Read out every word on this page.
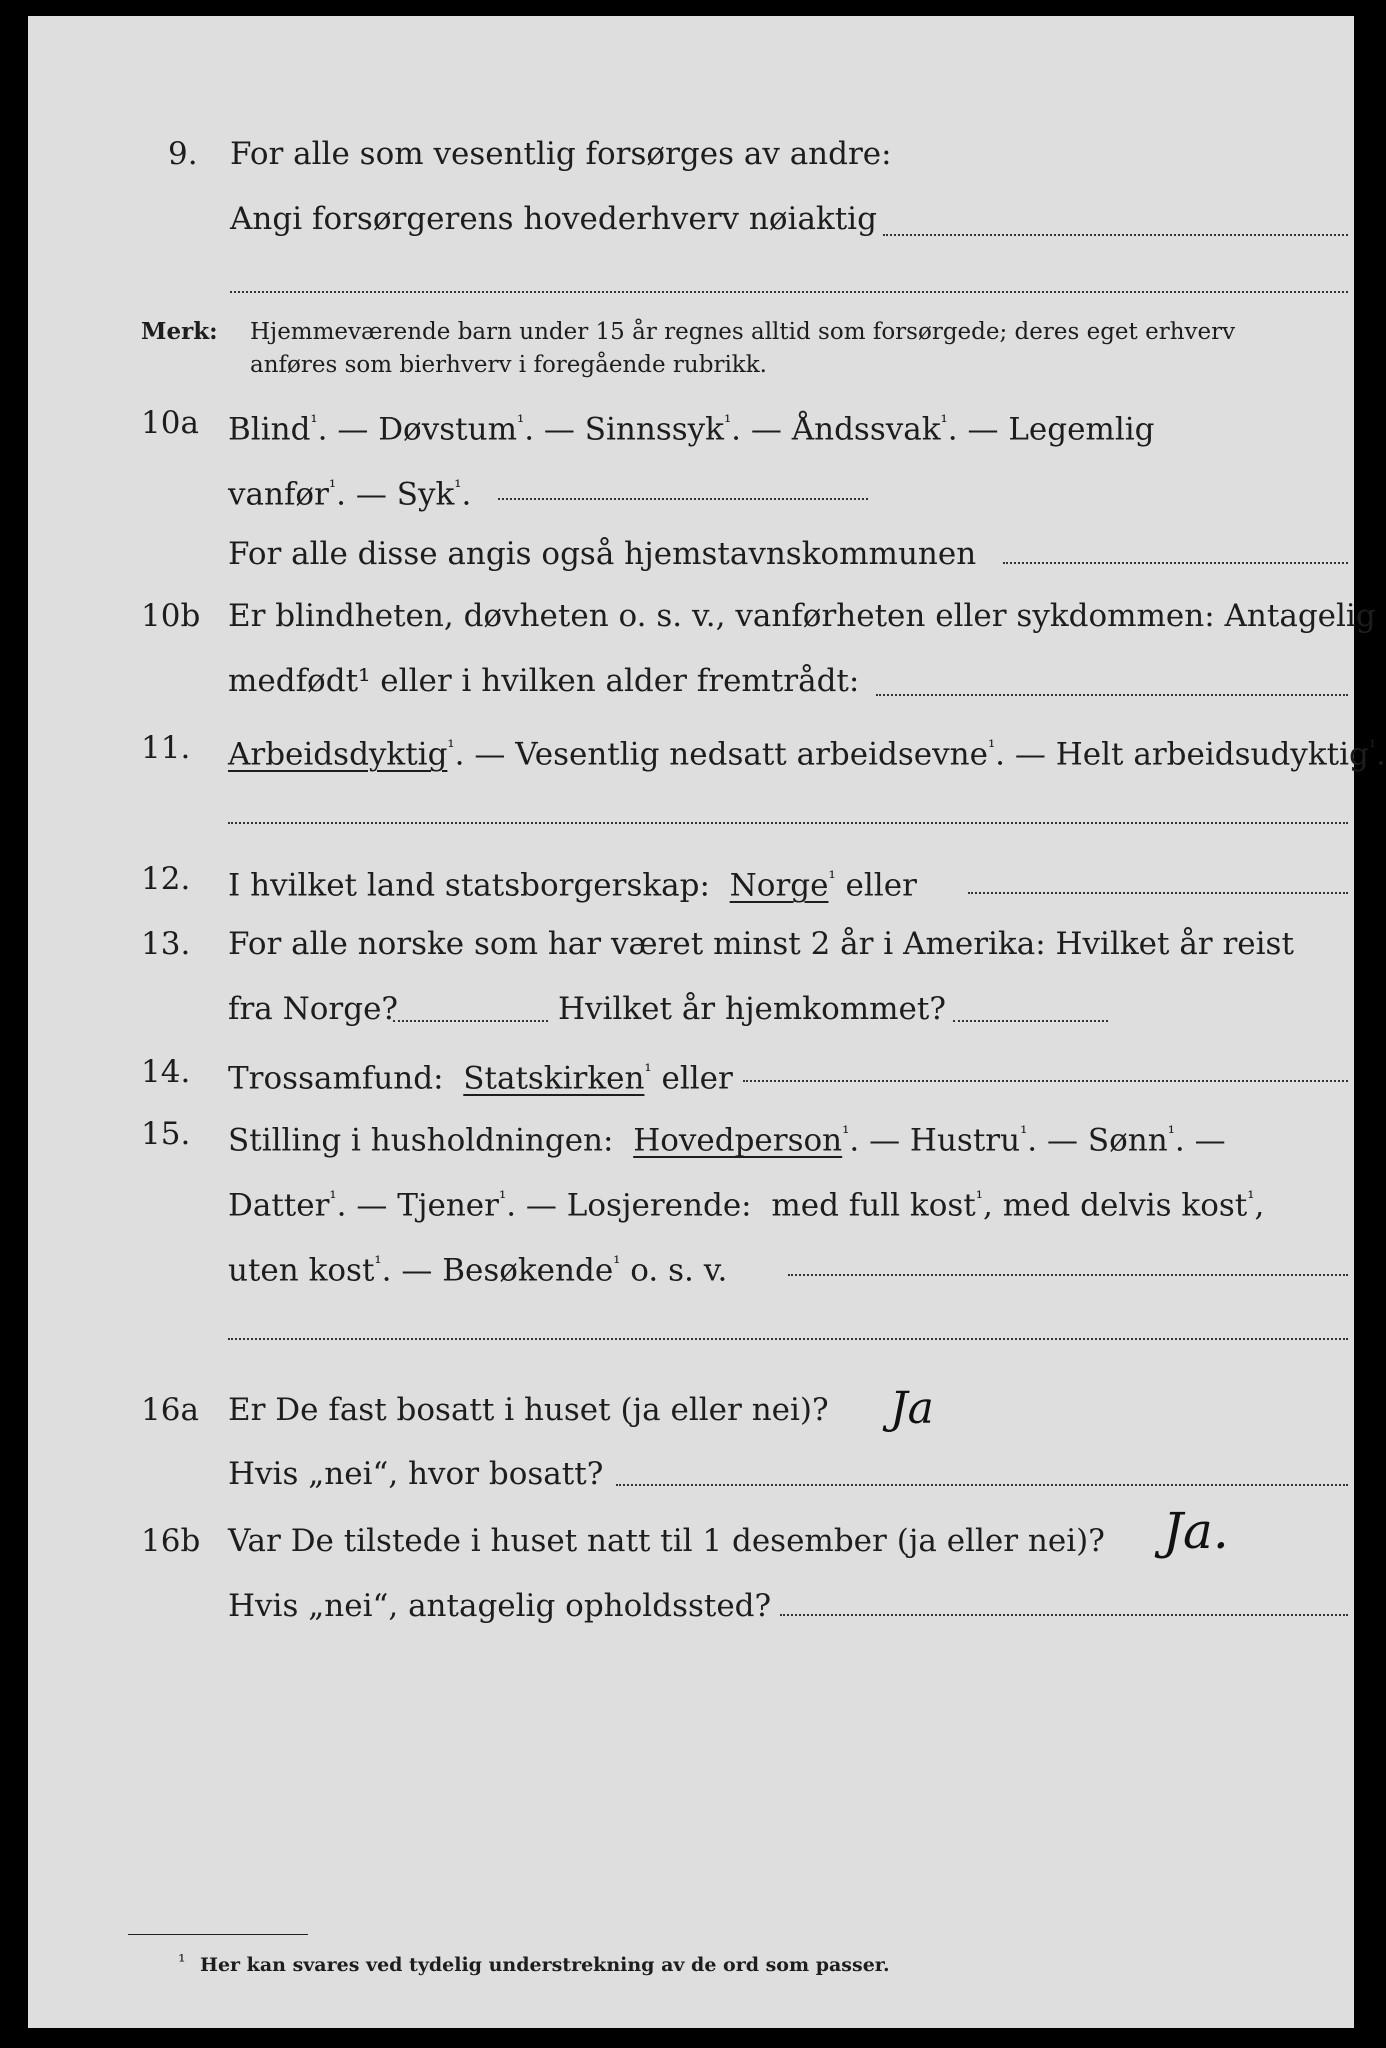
9. For alle som vesentlig forsørges av andre:
Angi forsørgerens hovederhverv nøiaktig
Merk: Hjemmeværende barn under 15 år regnes alltid som forsørgede; deres eget erhverv
anføres som bierhverv i foregående rubrikk.
10a Blind$^{^1}$. — Døvstum$^{^1}$. — Sinnssyk$^{^1}$. — Åndssvak$^{^1}$. — Legemlig
vanfør$^{^1}$. — Syk$^{^1}$.
For alle disse angis også hjemstavnskommunen
10b Er blindheten, døvheten o. s. v., vanførheten eller sykdommen: Antagelig
medfødt¹ eller i hvilken alder fremtrådt:
11. Arbeidsdyktig$^{^1}$. — Vesentlig nedsatt arbeidsevne$^{^1}$. — Helt arbeidsudyktig$^{^1}$.
12. I hvilket land statsborgerskap: Norge$^{^1}$ eller
13. For alle norske som har været minst 2 år i Amerika: Hvilket år reist
fra Norge?	Hvilket år hjemkommet?
14. Trossamfund: Statskirken$^{^1}$ eller
15. Stilling i husholdningen: Hovedperson$^{^1}$. — Hustru$^{^1}$. — Sønn$^{^1}$. —
Datter$^{^1}$. — Tjener$^{^1}$. — Losjerende: med full kost$^{^1}$, med delvis kost$^{^1}$,
uten kost$^{^1}$. — Besøkende$^{^1}$ o. s. v.
16a Er De fast bosatt i huset (ja eller nei)? Ja
Hvis „nei“, hvor bosatt?
16b Var De tilstede i huset natt til 1 desember (ja eller nei)? Ja.
Hvis „nei“, antagelig opholdssted?
¹ Her kan svares ved tydelig understrekning av de ord som passer.
